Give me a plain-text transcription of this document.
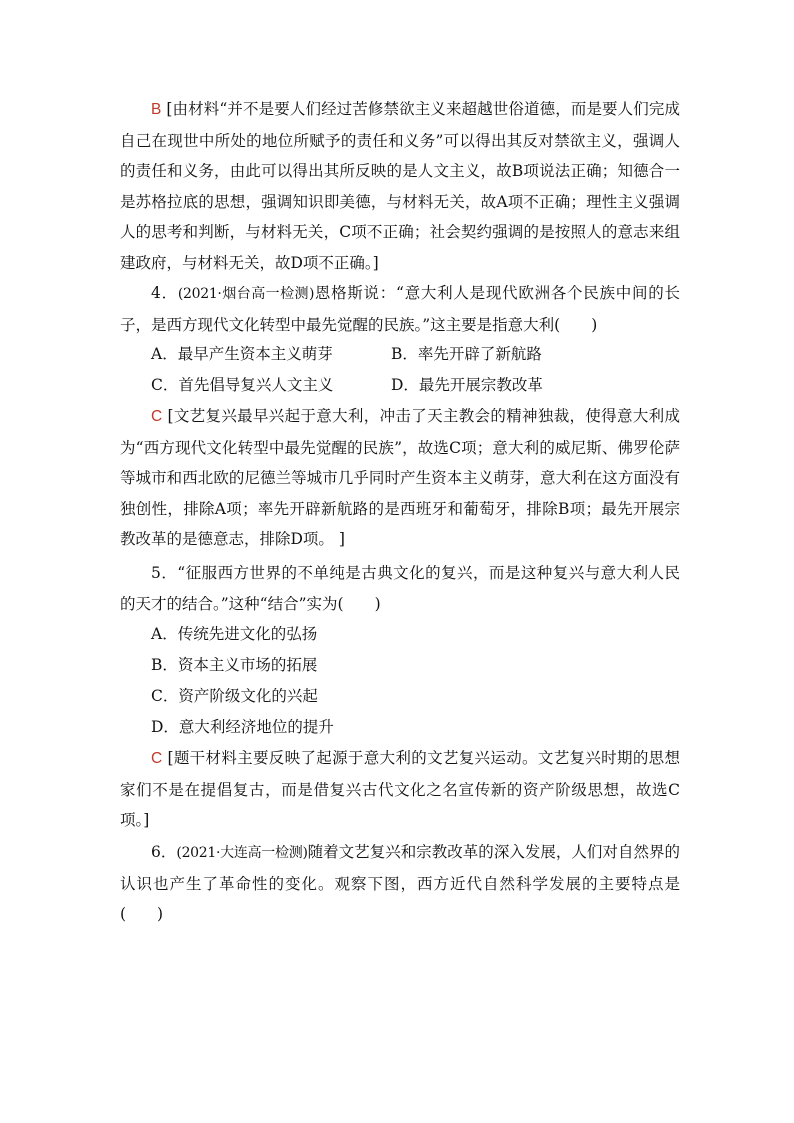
B [由材料“并不是要人们经过苦修禁欲主义来超越世俗道德，而是要人们完成自己在现世中所处的地位所赋予的责任和义务”可以得出其反对禁欲主义，强调人的责任和义务，由此可以得出其所反映的是人文主义，故B项说法正确；知德合一是苏格拉底的思想，强调知识即美德，与材料无关，故A项不正确；理性主义强调人的思考和判断，与材料无关，C项不正确；社会契约强调的是按照人的意志来组建政府，与材料无关，故D项不正确。]

4．(2021·烟台高一检测)恩格斯说：“意大利人是现代欧洲各个民族中间的长子，是西方现代文化转型中最先觉醒的民族。”这主要是指意大利(　　)

A．最早产生资本主义萌芽	B．率先开辟了新航路

C．首先倡导复兴人文主义	D．最先开展宗教改革

C [文艺复兴最早兴起于意大利，冲击了天主教会的精神独裁，使得意大利成为“西方现代文化转型中最先觉醒的民族”，故选C项；意大利的威尼斯、佛罗伦萨等城市和西北欧的尼德兰等城市几乎同时产生资本主义萌芽，意大利在这方面没有独创性，排除A项；率先开辟新航路的是西班牙和葡萄牙，排除B项；最先开展宗教改革的是德意志，排除D项。 ]

5．“征服西方世界的不单纯是古典文化的复兴，而是这种复兴与意大利人民的天才的结合。”这种“结合”实为(　　)

A．传统先进文化的弘扬

B．资本主义市场的拓展

C．资产阶级文化的兴起

D．意大利经济地位的提升

C [题干材料主要反映了起源于意大利的文艺复兴运动。文艺复兴时期的思想家们不是在提倡复古，而是借复兴古代文化之名宣传新的资产阶级思想，故选C项。]

6．(2021·大连高一检测)随着文艺复兴和宗教改革的深入发展，人们对自然界的认识也产生了革命性的变化。观察下图，西方近代自然科学发展的主要特点是(　　)
